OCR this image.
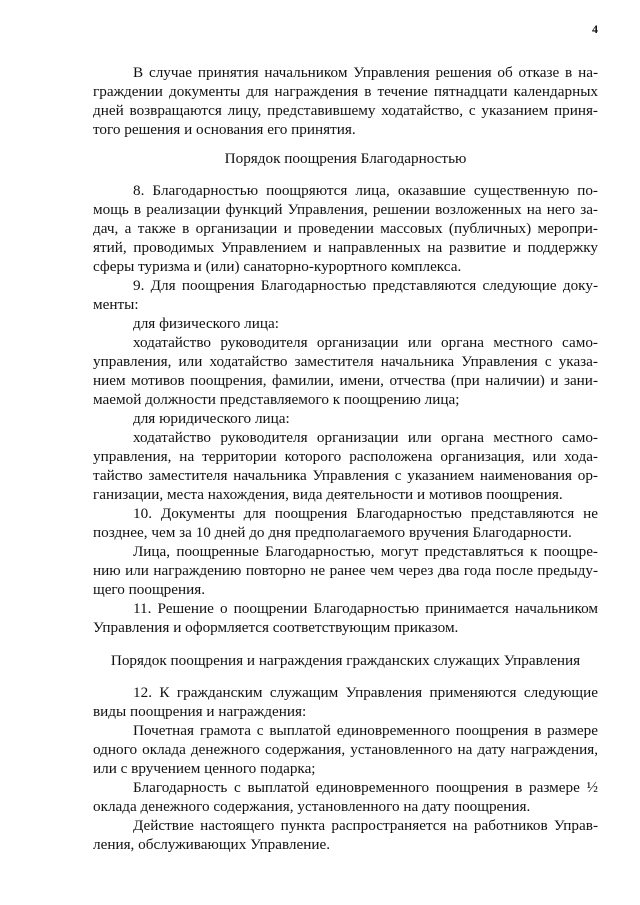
4
В случае принятия начальником Управления решения об отказе в на-
граждении документы для награждения в течение пятнадцати календарных
дней возвращаются лицу, представившему ходатайство, с указанием приня-
того решения и основания его принятия.
Порядок поощрения Благодарностью
8. Благодарностью поощряются лица, оказавшие существенную по-
мощь в реализации функций Управления, решении возложенных на него за-
дач, а также в организации и проведении массовых (публичных) меропри-
ятий, проводимых Управлением и направленных на развитие и поддержку
сферы туризма и (или) санаторно-курортного комплекса.
9. Для поощрения Благодарностью представляются следующие доку-
менты:
для физического лица:
ходатайство руководителя организации или органа местного само-
управления, или ходатайство заместителя начальника Управления с указа-
нием мотивов поощрения, фамилии, имени, отчества (при наличии) и зани-
маемой должности представляемого к поощрению лица;
для юридического лица:
ходатайство руководителя организации или органа местного само-
управления, на территории которого расположена организация, или хода-
тайство заместителя начальника Управления с указанием наименования ор-
ганизации, места нахождения, вида деятельности и мотивов поощрения.
10. Документы для поощрения Благодарностью представляются не
позднее, чем за 10 дней до дня предполагаемого вручения Благодарности.
Лица, поощренные Благодарностью, могут представляться к поощре-
нию или награждению повторно не ранее чем через два года после предыду-
щего поощрения.
11. Решение о поощрении Благодарностью принимается начальником
Управления и оформляется соответствующим приказом.
Порядок поощрения и награждения гражданских служащих Управления
12. К гражданским служащим Управления применяются следующие
виды поощрения и награждения:
Почетная грамота с выплатой единовременного поощрения в размере
одного оклада денежного содержания, установленного на дату награждения,
или с вручением ценного подарка;
Благодарность с выплатой единовременного поощрения в размере ½
оклада денежного содержания, установленного на дату поощрения.
Действие настоящего пункта распространяется на работников Управ-
ления, обслуживающих Управление.
